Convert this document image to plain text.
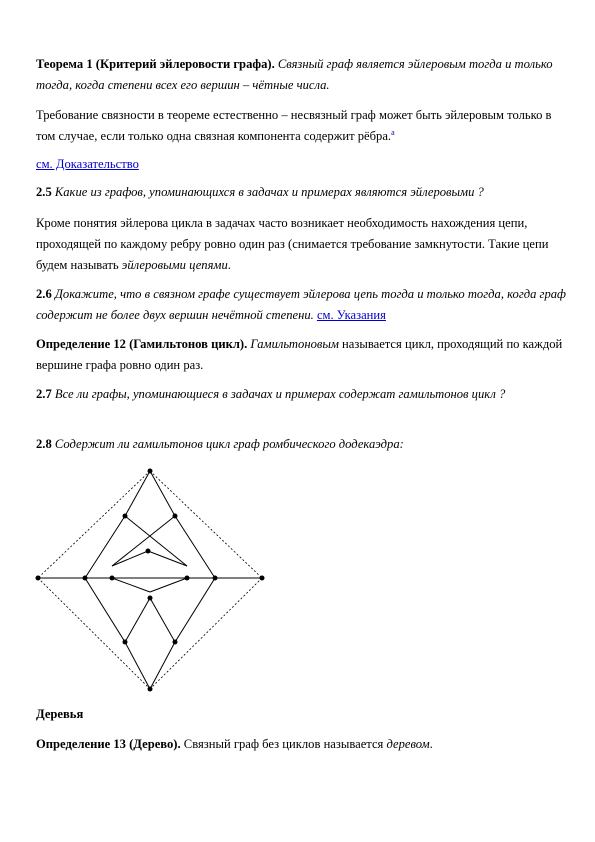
Теорема 1 (Критерий эйлеровости графа). Связный граф является эйлеровым тогда и только тогда, когда степени всех его вершин – чётные числа.

Требование связности в теореме естественно – несвязный граф может быть эйлеровым только в том случае, если только одна связная компонента содержит рёбра.$^a$

см. Доказательство

2.5 Какие из графов, упоминающихся в задачах и примерах являются эйлеровыми ?

Кроме понятия эйлерова цикла в задачах часто возникает необходимость нахождения цепи, проходящей по каждому ребру ровно один раз (снимается требование замкнутости. Такие цепи будем называть эйлеровыми цепями.

2.6 Докажите, что в связном графе существует эйлерова цепь тогда и только тогда, когда граф содержит не более двух вершин нечётной степени. см. Указания

Определение 12 (Гамильтонов цикл). Гамильтоновым называется цикл, проходящий по каждой вершине графа ровно один раз.

2.7 Все ли графы, упоминающиеся в задачах и примерах содержат гамильтонов цикл ?

2.8 Содержит ли гамильтонов цикл граф ромбического додекаэдра:

Деревья

Определение 13 (Дерево). Связный граф без циклов называется деревом.
